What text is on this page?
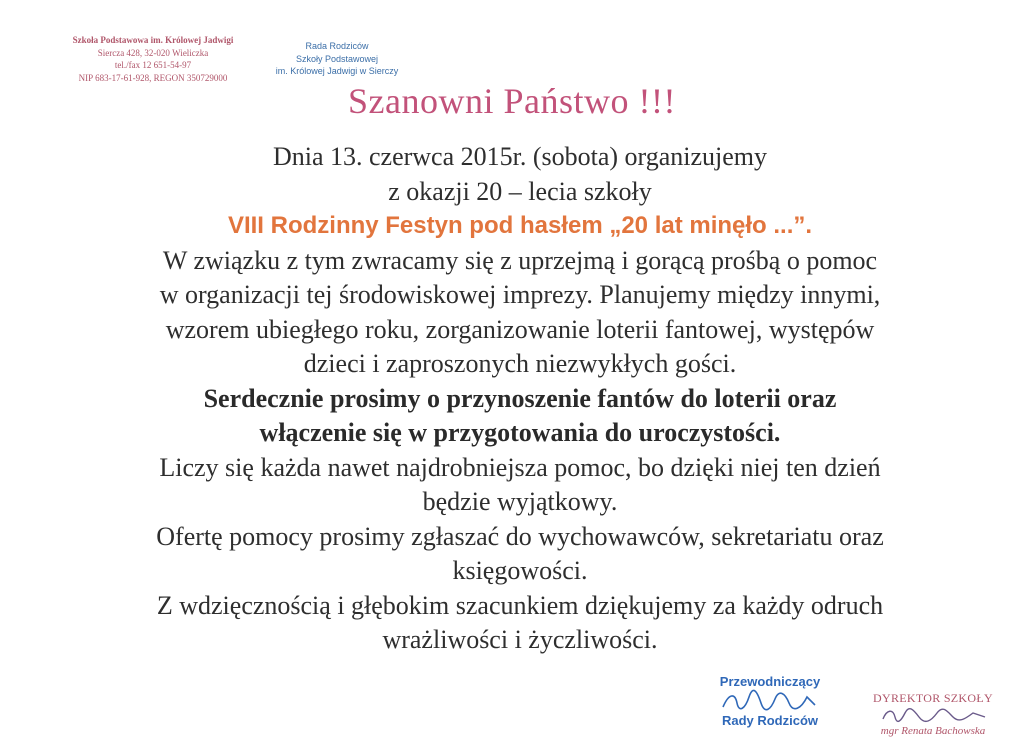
Szkoła Podstawowa im. Królowej Jadwigi
Sierczа 428, 32-020 Wieliczka
tel./fax 12 651-54-97
NIP 683-17-61-928, REGON 350729000
Rada Rodziców
Szkoły Podstawowej
im. Królowej Jadwigi w Sierczy
Szanowni Państwo !!!
Dnia 13. czerwca 2015r. (sobota) organizujemy
z okazji 20 – lecia szkoły
VIII Rodzinny Festyn pod hasłem „20 lat minęło ...”.
W związku z tym zwracamy się z uprzejmą i gorącą prośbą o pomoc
w organizacji tej środowiskowej imprezy. Planujemy między innymi,
wzorem ubiegłego roku, zorganizowanie loterii fantowej, występów
dzieci i zaproszonych niezwykłych gości.
Serdecznie prosimy o przynoszenie fantów do loterii oraz
włączenie się w przygotowania do uroczystości.
Liczy się każda nawet najdrobniejsza pomoc, bo dzięki niej ten dzień
będzie wyjątkowy.
Ofertę pomocy prosimy zgłaszać do wychowawców, sekretariatu oraz
księgowości.
Z wdzięcznością i głębokim szacunkiem dziękujemy za każdy odruch
wrażliwości i życzliwości.
Przewodniczący
Rady Rodziców
DYREKTOR SZKOŁY
mgr Renata Bachowska
